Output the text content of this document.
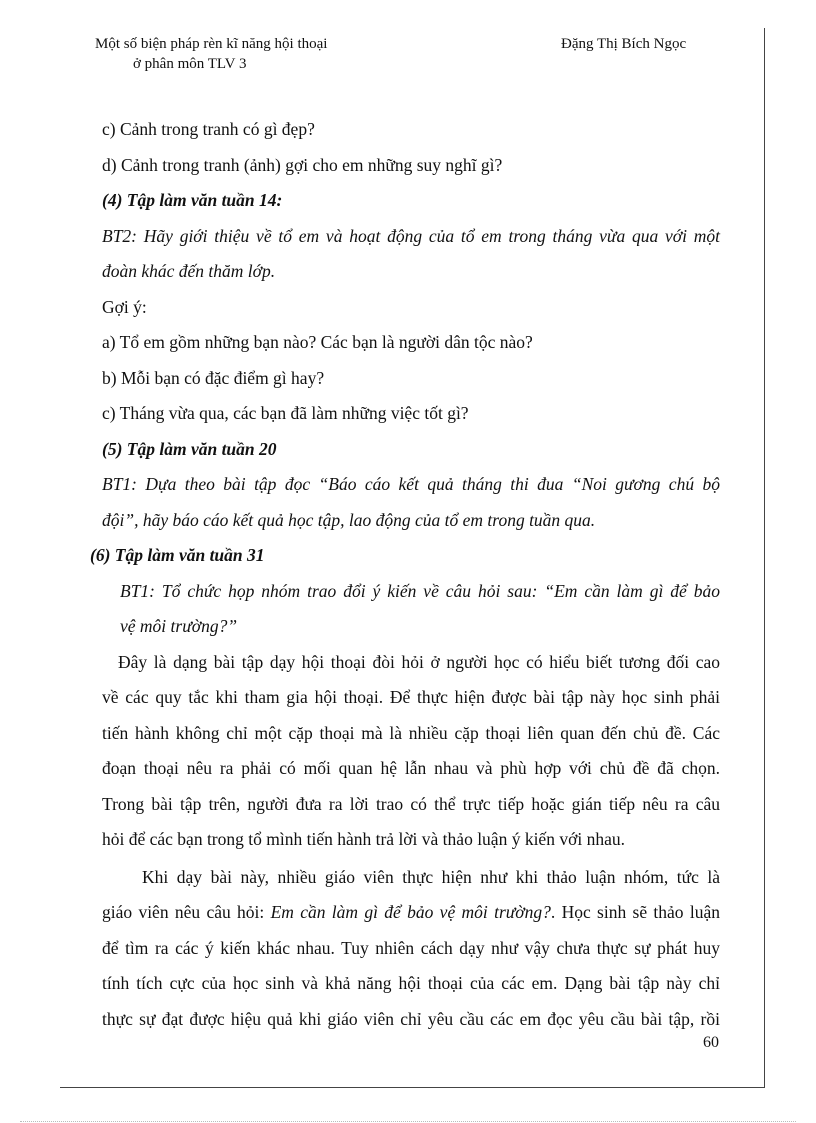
Một số biện pháp rèn kĩ năng hội thoại
ở phân môn TLV 3
Đặng Thị Bích Ngọc
c) Cảnh trong tranh có gì đẹp?
d) Cảnh trong tranh (ảnh) gợi cho em những suy nghĩ gì?
(4) Tập làm văn tuần 14:
BT2: Hãy giới thiệu về tổ em và hoạt động của tổ em trong tháng vừa qua với một
đoàn khác đến thăm lớp.
Gợi ý:
a) Tổ em gồm những bạn nào? Các bạn là người dân tộc nào?
b) Mỗi bạn có đặc điểm gì hay?
c) Tháng vừa qua, các bạn đã làm những việc tốt gì?
(5) Tập làm văn tuần 20
BT1: Dựa theo bài tập đọc “Báo cáo kết quả tháng thi đua “Noi gương chú bộ
đội”, hãy báo cáo kết quả học tập, lao động của tổ em trong tuần qua.
(6) Tập làm văn tuần 31
BT1: Tổ chức họp nhóm trao đổi ý kiến về câu hỏi sau: “Em cần làm gì để bảo
vệ môi trường?”
Đây là dạng bài tập dạy hội thoại đòi hỏi ở người học có hiểu biết tương đối cao
về các quy tắc khi tham gia hội thoại. Để thực hiện được bài tập này học sinh phải
tiến hành không chỉ một cặp thoại mà là nhiều cặp thoại liên quan đến chủ đề. Các
đoạn thoại nêu ra phải có mối quan hệ lẫn nhau và phù hợp với chủ đề đã chọn.
Trong bài tập trên, người đưa ra lời trao có thể trực tiếp hoặc gián tiếp nêu ra câu
hỏi để các bạn trong tổ mình tiến hành trả lời và thảo luận ý kiến với nhau.
Khi dạy bài này, nhiều giáo viên thực hiện như khi thảo luận nhóm, tức là
giáo viên nêu câu hỏi: Em cần làm gì để bảo vệ môi trường?. Học sinh sẽ thảo luận
để tìm ra các ý kiến khác nhau. Tuy nhiên cách dạy như vậy chưa thực sự phát huy
tính tích cực của học sinh và khả năng hội thoại của các em. Dạng bài tập này chỉ
thực sự đạt được hiệu quả khi giáo viên chỉ yêu cầu các em đọc yêu cầu bài tập, rồi
60
